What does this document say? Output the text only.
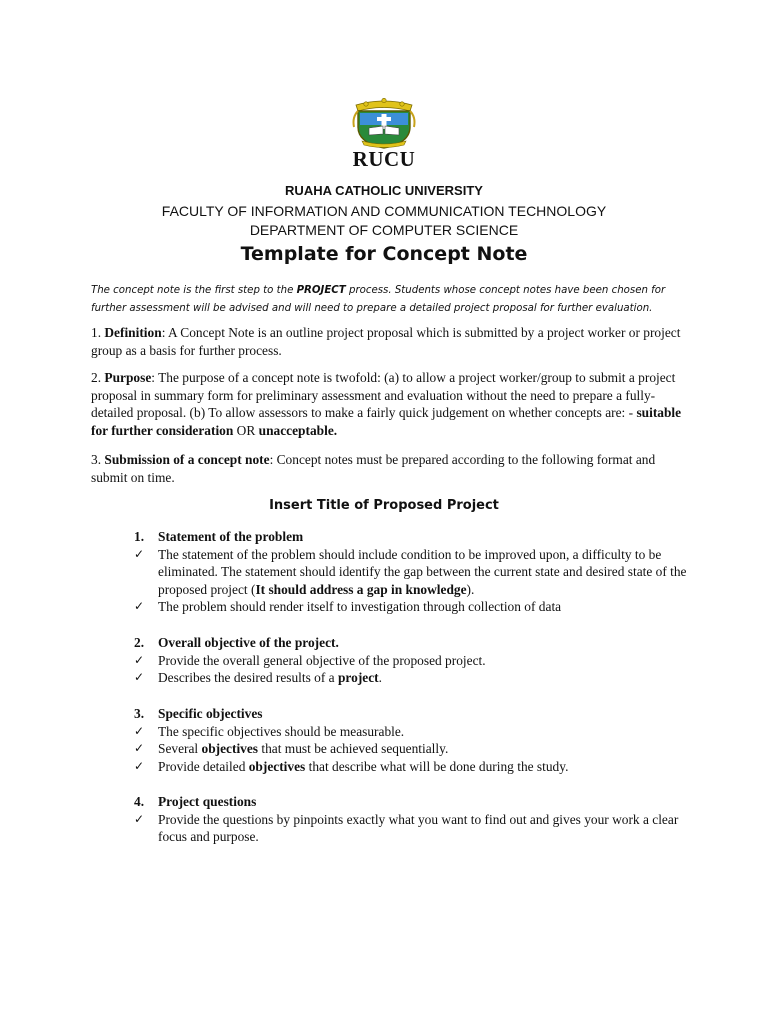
RUCU
RUAHA CATHOLIC UNIVERSITY
FACULTY OF INFORMATION AND COMMUNICATION TECHNOLOGY
DEPARTMENT OF COMPUTER SCIENCE
Template for Concept Note
The concept note is the first step to the PROJECT process. Students whose concept notes have been chosen for further assessment will be advised and will need to prepare a detailed project proposal for further evaluation.
1. Definition: A Concept Note is an outline project proposal which is submitted by a project worker or project group as a basis for further process.
2. Purpose: The purpose of a concept note is twofold: (a) to allow a project worker/group to submit a project proposal in summary form for preliminary assessment and evaluation without the need to prepare a fully-detailed proposal. (b) To allow assessors to make a fairly quick judgement on whether concepts are: - suitable for further consideration OR unacceptable.
3. Submission of a concept note: Concept notes must be prepared according to the following format and submit on time.
Insert Title of Proposed Project
1.	Statement of the problem
✓	The statement of the problem should include condition to be improved upon, a difficulty to be eliminated. The statement should identify the gap between the current state and desired state of the proposed project (It should address a gap in knowledge).
✓	The problem should render itself to investigation through collection of data
2.	Overall objective of the project.
✓	Provide the overall general objective of the proposed project.
✓	Describes the desired results of a project.
3.	Specific objectives
✓	The specific objectives should be measurable.
✓	Several objectives that must be achieved sequentially.
✓	Provide detailed objectives that describe what will be done during the study.
4.	Project questions
✓	Provide the questions by pinpoints exactly what you want to find out and gives your work a clear focus and purpose.
